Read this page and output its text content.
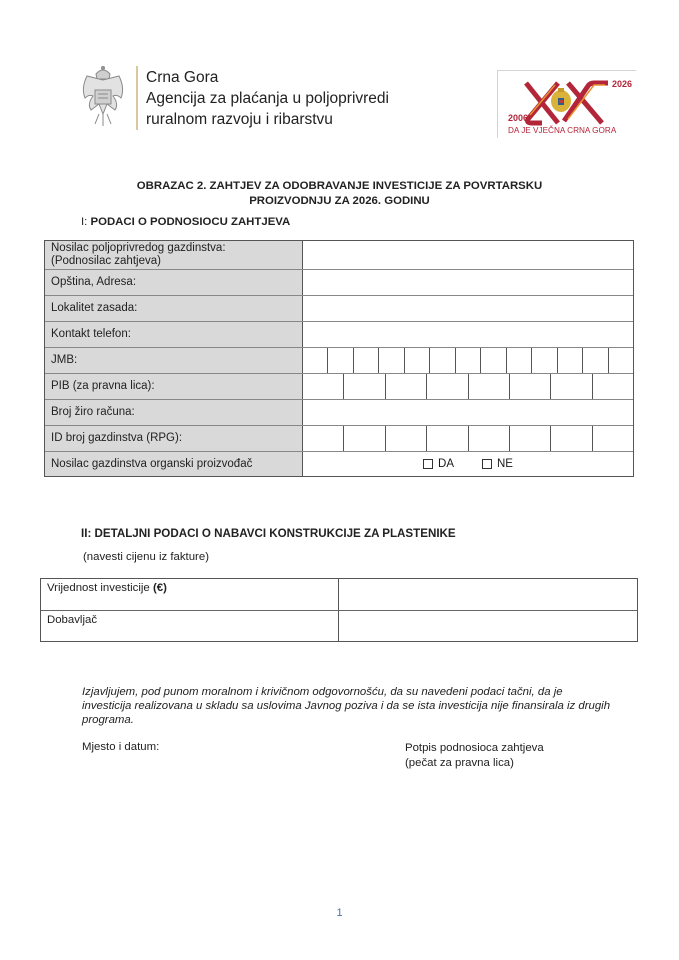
Crna Gora
Agencija za plaćanja u poljoprivredi
ruralnom razvoju i ribarstvu
2026
2006
DA JE VJEČNA CRNA GORA
OBRAZAC 2. ZAHTJEV ZA ODOBRAVANJE INVESTICIJE ZA POVRTARSKU
PROIZVODNJU ZA 2026. GODINU
I: PODACI O PODNOSIOCU ZAHTJEVA
Nosilac poljoprivredog gazdinstva:
(Podnosilac zahtjeva)
Opština, Adresa:
Lokalitet zasada:
Kontakt telefon:
JMB:
PIB (za pravna lica):
Broj žiro računa:
ID broj gazdinstva (RPG):
Nosilac gazdinstva organski proizvođač	DA	NE
II: DETALJNI PODACI O NABAVCI KONSTRUKCIJE ZA PLASTENIKE
(navesti cijenu iz fakture)
Vrijednost investicije (€)
Dobavljač
Izjavljujem, pod punom moralnom i krivičnom odgovornošću, da su navedeni podaci tačni, da je investicija realizovana u skladu sa uslovima Javnog poziva i da se ista investicija nije finansirala iz drugih programa.
Mjesto i datum:	Potpis podnosioca zahtjeva
(pečat za pravna lica)
1
